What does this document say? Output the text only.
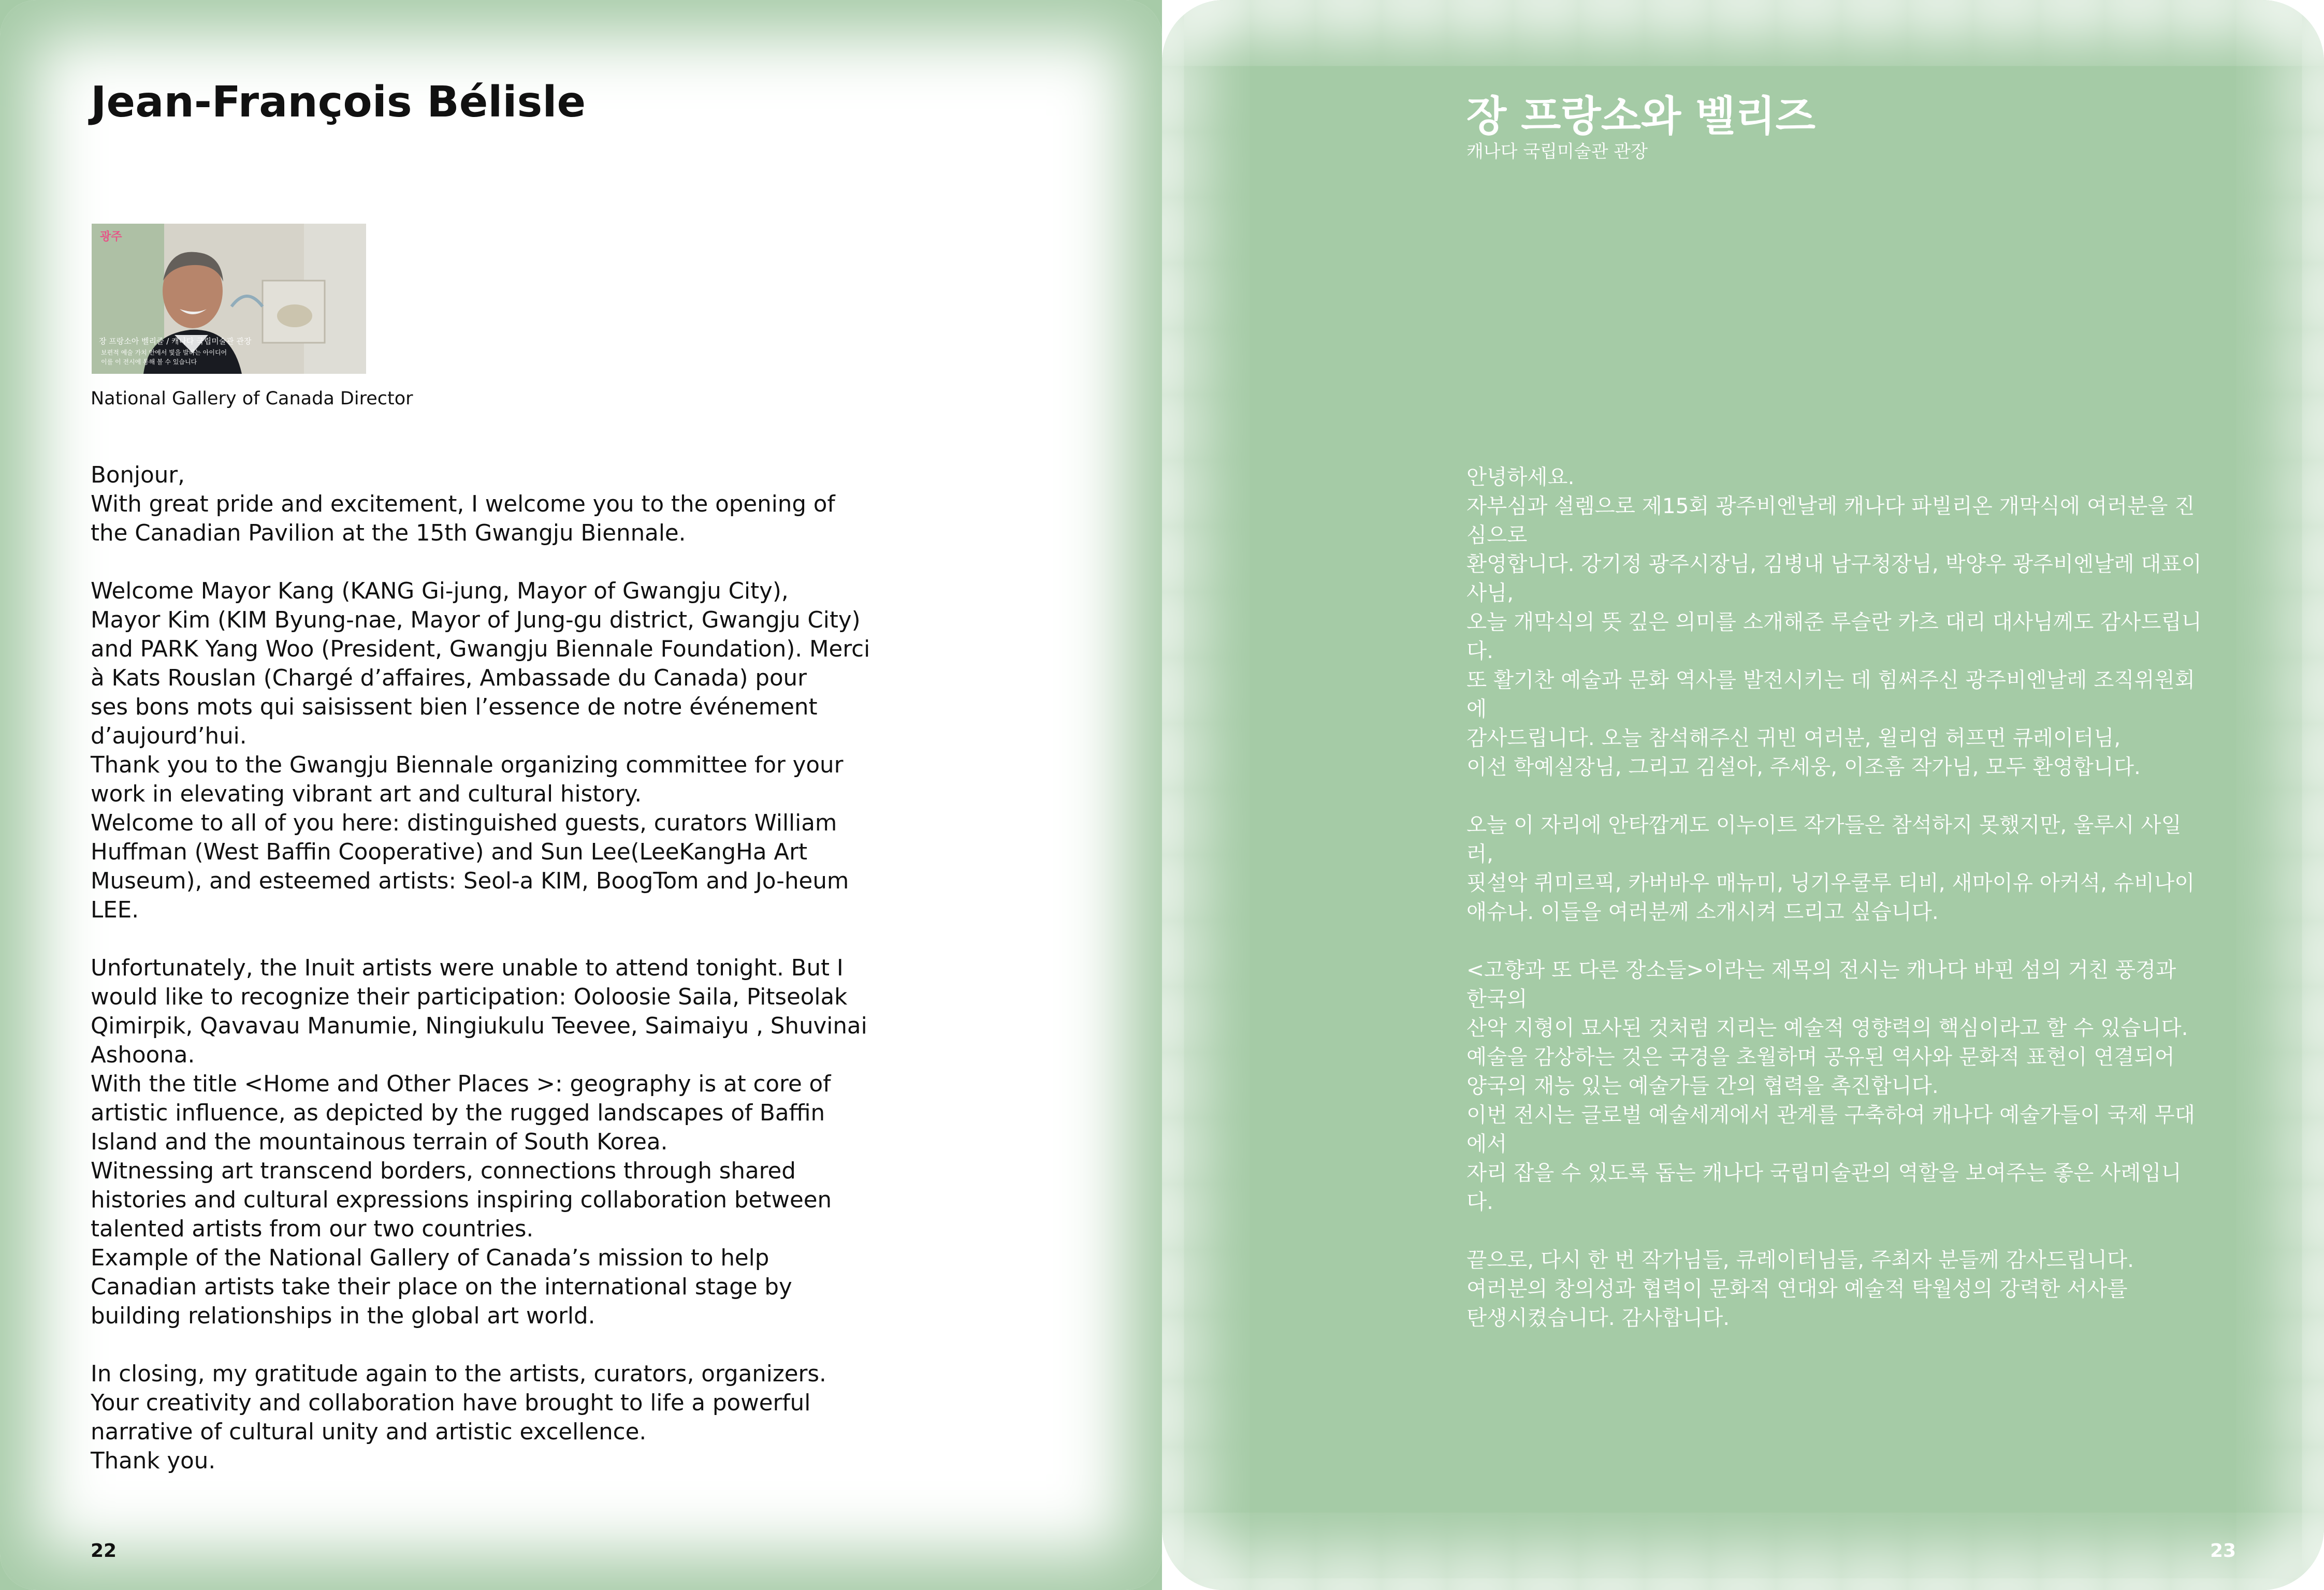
Jean-François Bélisle
광주
장 프랑소아 벨리즐 / 캐나다 국립미술관 관장
보편적 예술 가치 안에서 빛을 발하는 아이디어
이를 이 전시에 통해 볼 수 있습니다

National Gallery of Canada Director

Bonjour,
With great pride and excitement, I welcome you to the opening of
the Canadian Pavilion at the 15th Gwangju Biennale.

Welcome Mayor Kang (KANG Gi-jung, Mayor of Gwangju City),
Mayor Kim (KIM Byung-nae, Mayor of Jung-gu district, Gwangju City)
and PARK Yang Woo (President, Gwangju Biennale Foundation). Merci
à Kats Rouslan (Chargé d’affaires, Ambassade du Canada) pour
ses bons mots qui saisissent bien l’essence de notre événement
d’aujourd’hui.
Thank you to the Gwangju Biennale organizing committee for your
work in elevating vibrant art and cultural history.
Welcome to all of you here: distinguished guests, curators William
Huffman (West Baffin Cooperative) and Sun Lee(LeeKangHa Art
Museum), and esteemed artists: Seol-a KIM, BoogTom and Jo-heum
LEE.

Unfortunately, the Inuit artists were unable to attend tonight. But I
would like to recognize their participation: Ooloosie Saila, Pitseolak
Qimirpik, Qavavau Manumie, Ningiukulu Teevee, Saimaiyu , Shuvinai
Ashoona.
With the title <Home and Other Places >: geography is at core of
artistic influence, as depicted by the rugged landscapes of Baffin
Island and the mountainous terrain of South Korea.
Witnessing art transcend borders, connections through shared
histories and cultural expressions inspiring collaboration between
talented artists from our two countries.
Example of the National Gallery of Canada’s mission to help
Canadian artists take their place on the international stage by
building relationships in the global art world.

In closing, my gratitude again to the artists, curators, organizers.
Your creativity and collaboration have brought to life a powerful
narrative of cultural unity and artistic excellence.
Thank you.

22

장 프랑소와 벨리즈

캐나다 국립미술관 관장

안녕하세요.
자부심과 설렘으로 제15회 광주비엔날레 캐나다 파빌리온 개막식에 여러분을 진심으로
환영합니다. 강기정 광주시장님, 김병내 남구청장님, 박양우 광주비엔날레 대표이사님,
오늘 개막식의 뜻 깊은 의미를 소개해준 루슬란 카츠 대리 대사님께도 감사드립니다.
또 활기찬 예술과 문화 역사를 발전시키는 데 힘써주신 광주비엔날레 조직위원회에
감사드립니다. 오늘 참석해주신 귀빈 여러분, 윌리엄 허프먼 큐레이터님,
이선 학예실장님, 그리고 김설아, 주세웅, 이조흠 작가님, 모두 환영합니다.

오늘 이 자리에 안타깝게도 이누이트 작가들은 참석하지 못했지만, 울루시 사일러,
핏설악 퀴미르픽, 카버바우 매뉴미, 닝기우쿨루 티비, 새마이유 아커석, 슈비나이
애슈나. 이들을 여러분께 소개시켜 드리고 싶습니다.

<고향과 또 다른 장소들>이라는 제목의 전시는 캐나다 바핀 섬의 거친 풍경과 한국의
산악 지형이 묘사된 것처럼 지리는 예술적 영향력의 핵심이라고 할 수 있습니다.
예술을 감상하는 것은 국경을 초월하며 공유된 역사와 문화적 표현이 연결되어
양국의 재능 있는 예술가들 간의 협력을 촉진합니다.
이번 전시는 글로벌 예술세계에서 관계를 구축하여 캐나다 예술가들이 국제 무대에서
자리 잡을 수 있도록 돕는 캐나다 국립미술관의 역할을 보여주는 좋은 사례입니다.

끝으로, 다시 한 번 작가님들, 큐레이터님들, 주최자 분들께 감사드립니다.
여러분의 창의성과 협력이 문화적 연대와 예술적 탁월성의 강력한 서사를
탄생시켰습니다. 감사합니다.

23
